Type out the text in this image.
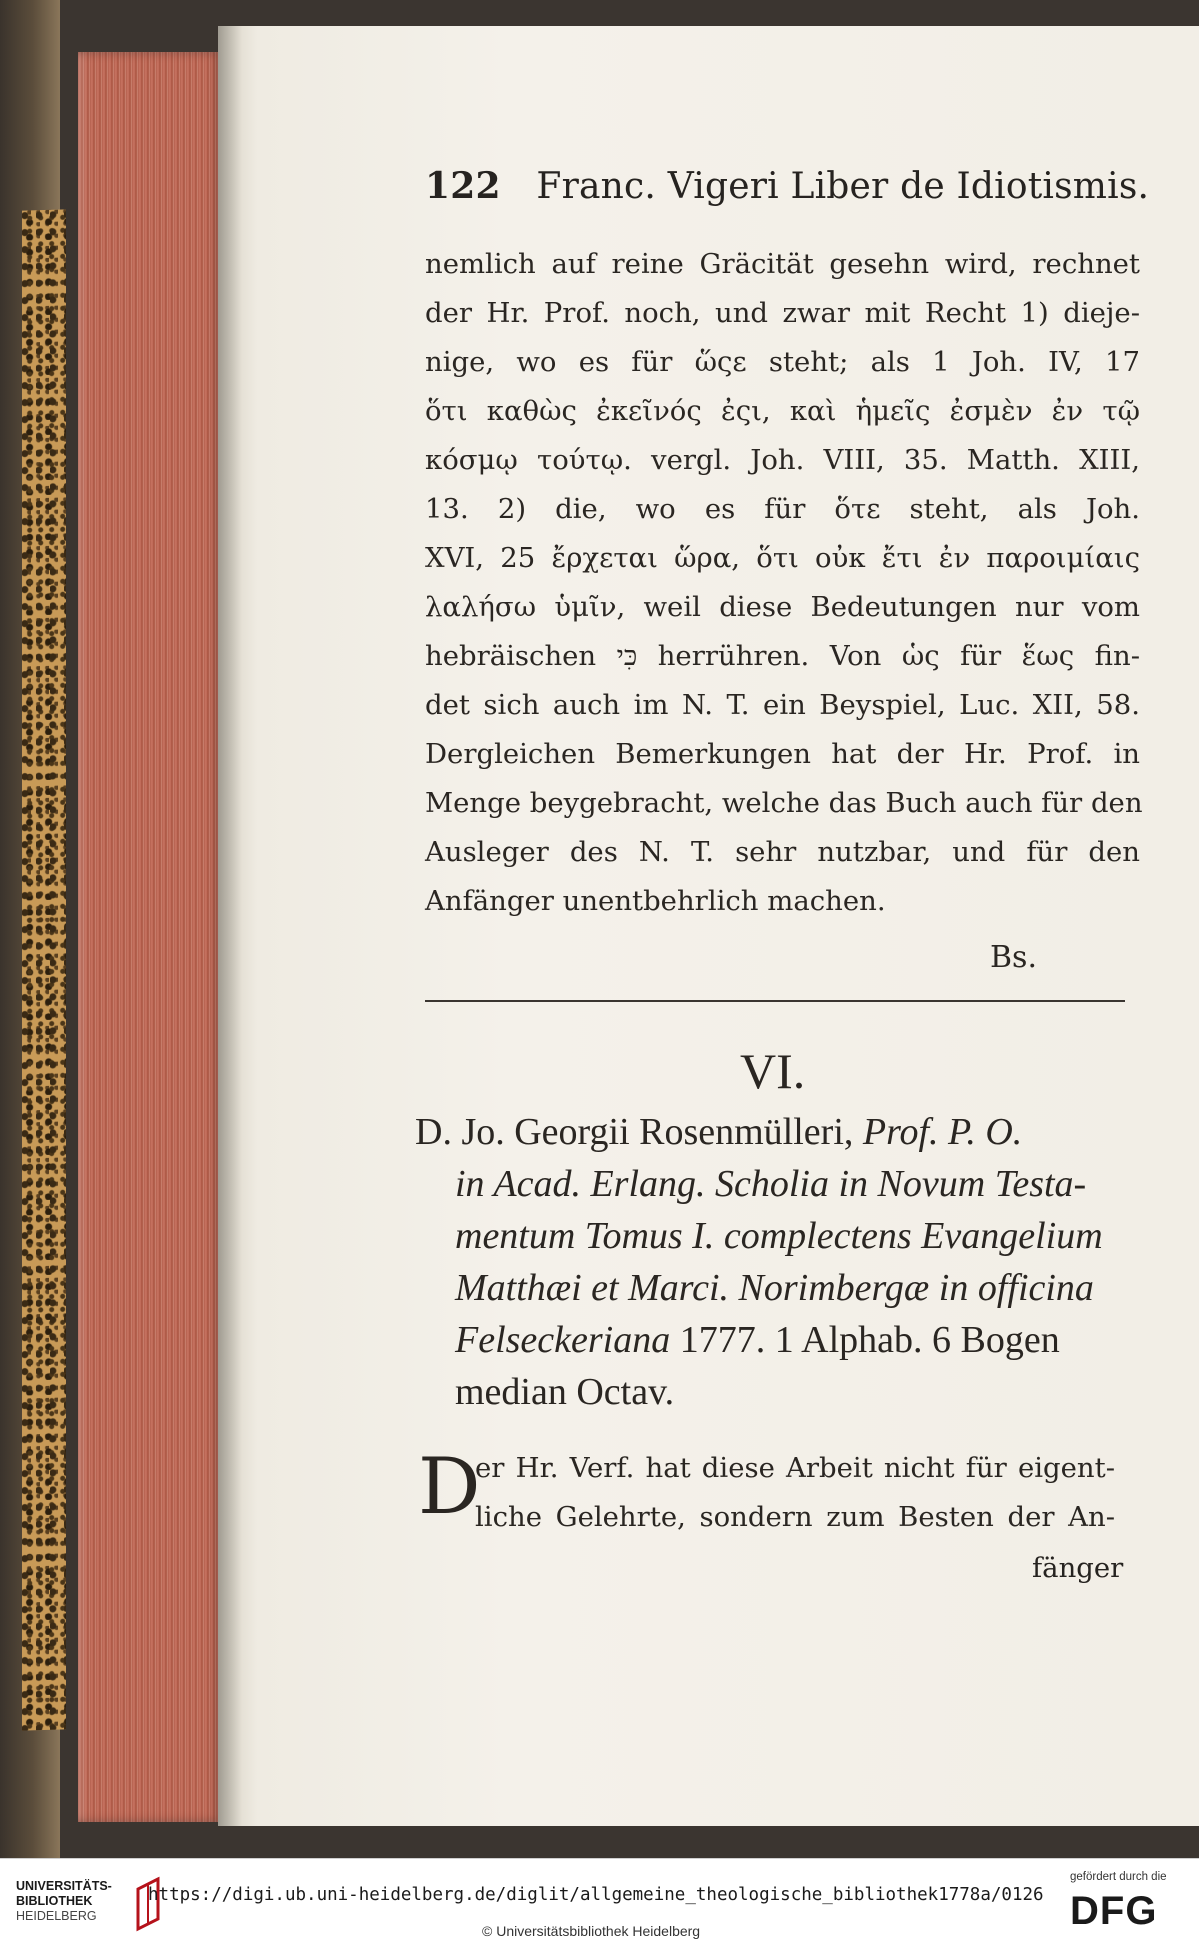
122 Franc. Vigeri Liber de Idiotismis.
nemlich auf reine Gräcität gesehn wird, rechnet
der Hr. Prof. noch, und zwar mit Recht 1) dieje-
nige, wo es für ὥςε steht; als 1 Joh. IV, 17
ὅτι καθὼς ἐκεῖνός ἐςι, καὶ ἡμεῖς ἐσμὲν ἐν τῷ
κόσμῳ τούτῳ. vergl. Joh. VIII, 35. Matth. XIII,
13. 2) die, wo es für ὅτε steht, als Joh.
XVI, 25 ἔρχεται ὥρα, ὅτι οὐκ ἔτι ἐν παροιμίαις
λαλήσω ὑμῖν, weil diese Bedeutungen nur vom
hebräischen כִּי herrühren. Von ὡς für ἕως fin-
det sich auch im N. T. ein Beyspiel, Luc. XII, 58.
Dergleichen Bemerkungen hat der Hr. Prof. in
Menge beygebracht, welche das Buch auch für den
Ausleger des N. T. sehr nutzbar, und für den
Anfänger unentbehrlich machen.
Bs.
VI.
D. Jo. Georgii Rosenmülleri, Prof. P. O.
in Acad. Erlang. Scholia in Novum Testa-
mentum Tomus I. complectens Evangelium
Matthæi et Marci. Norimbergæ in officina
Felseckeriana 1777. 1 Alphab. 6 Bogen
median Octav.
D
er Hr. Verf. hat diese Arbeit nicht für eigent-
liche Gelehrte, sondern zum Besten der An-
fänger
UNIVERSITÄTS-
BIBLIOTHEK
HEIDELBERG
https://digi.ub.uni-heidelberg.de/diglit/allgemeine_theologische_bibliothek1778a/0126
© Universitätsbibliothek Heidelberg
gefördert durch die
DFG
